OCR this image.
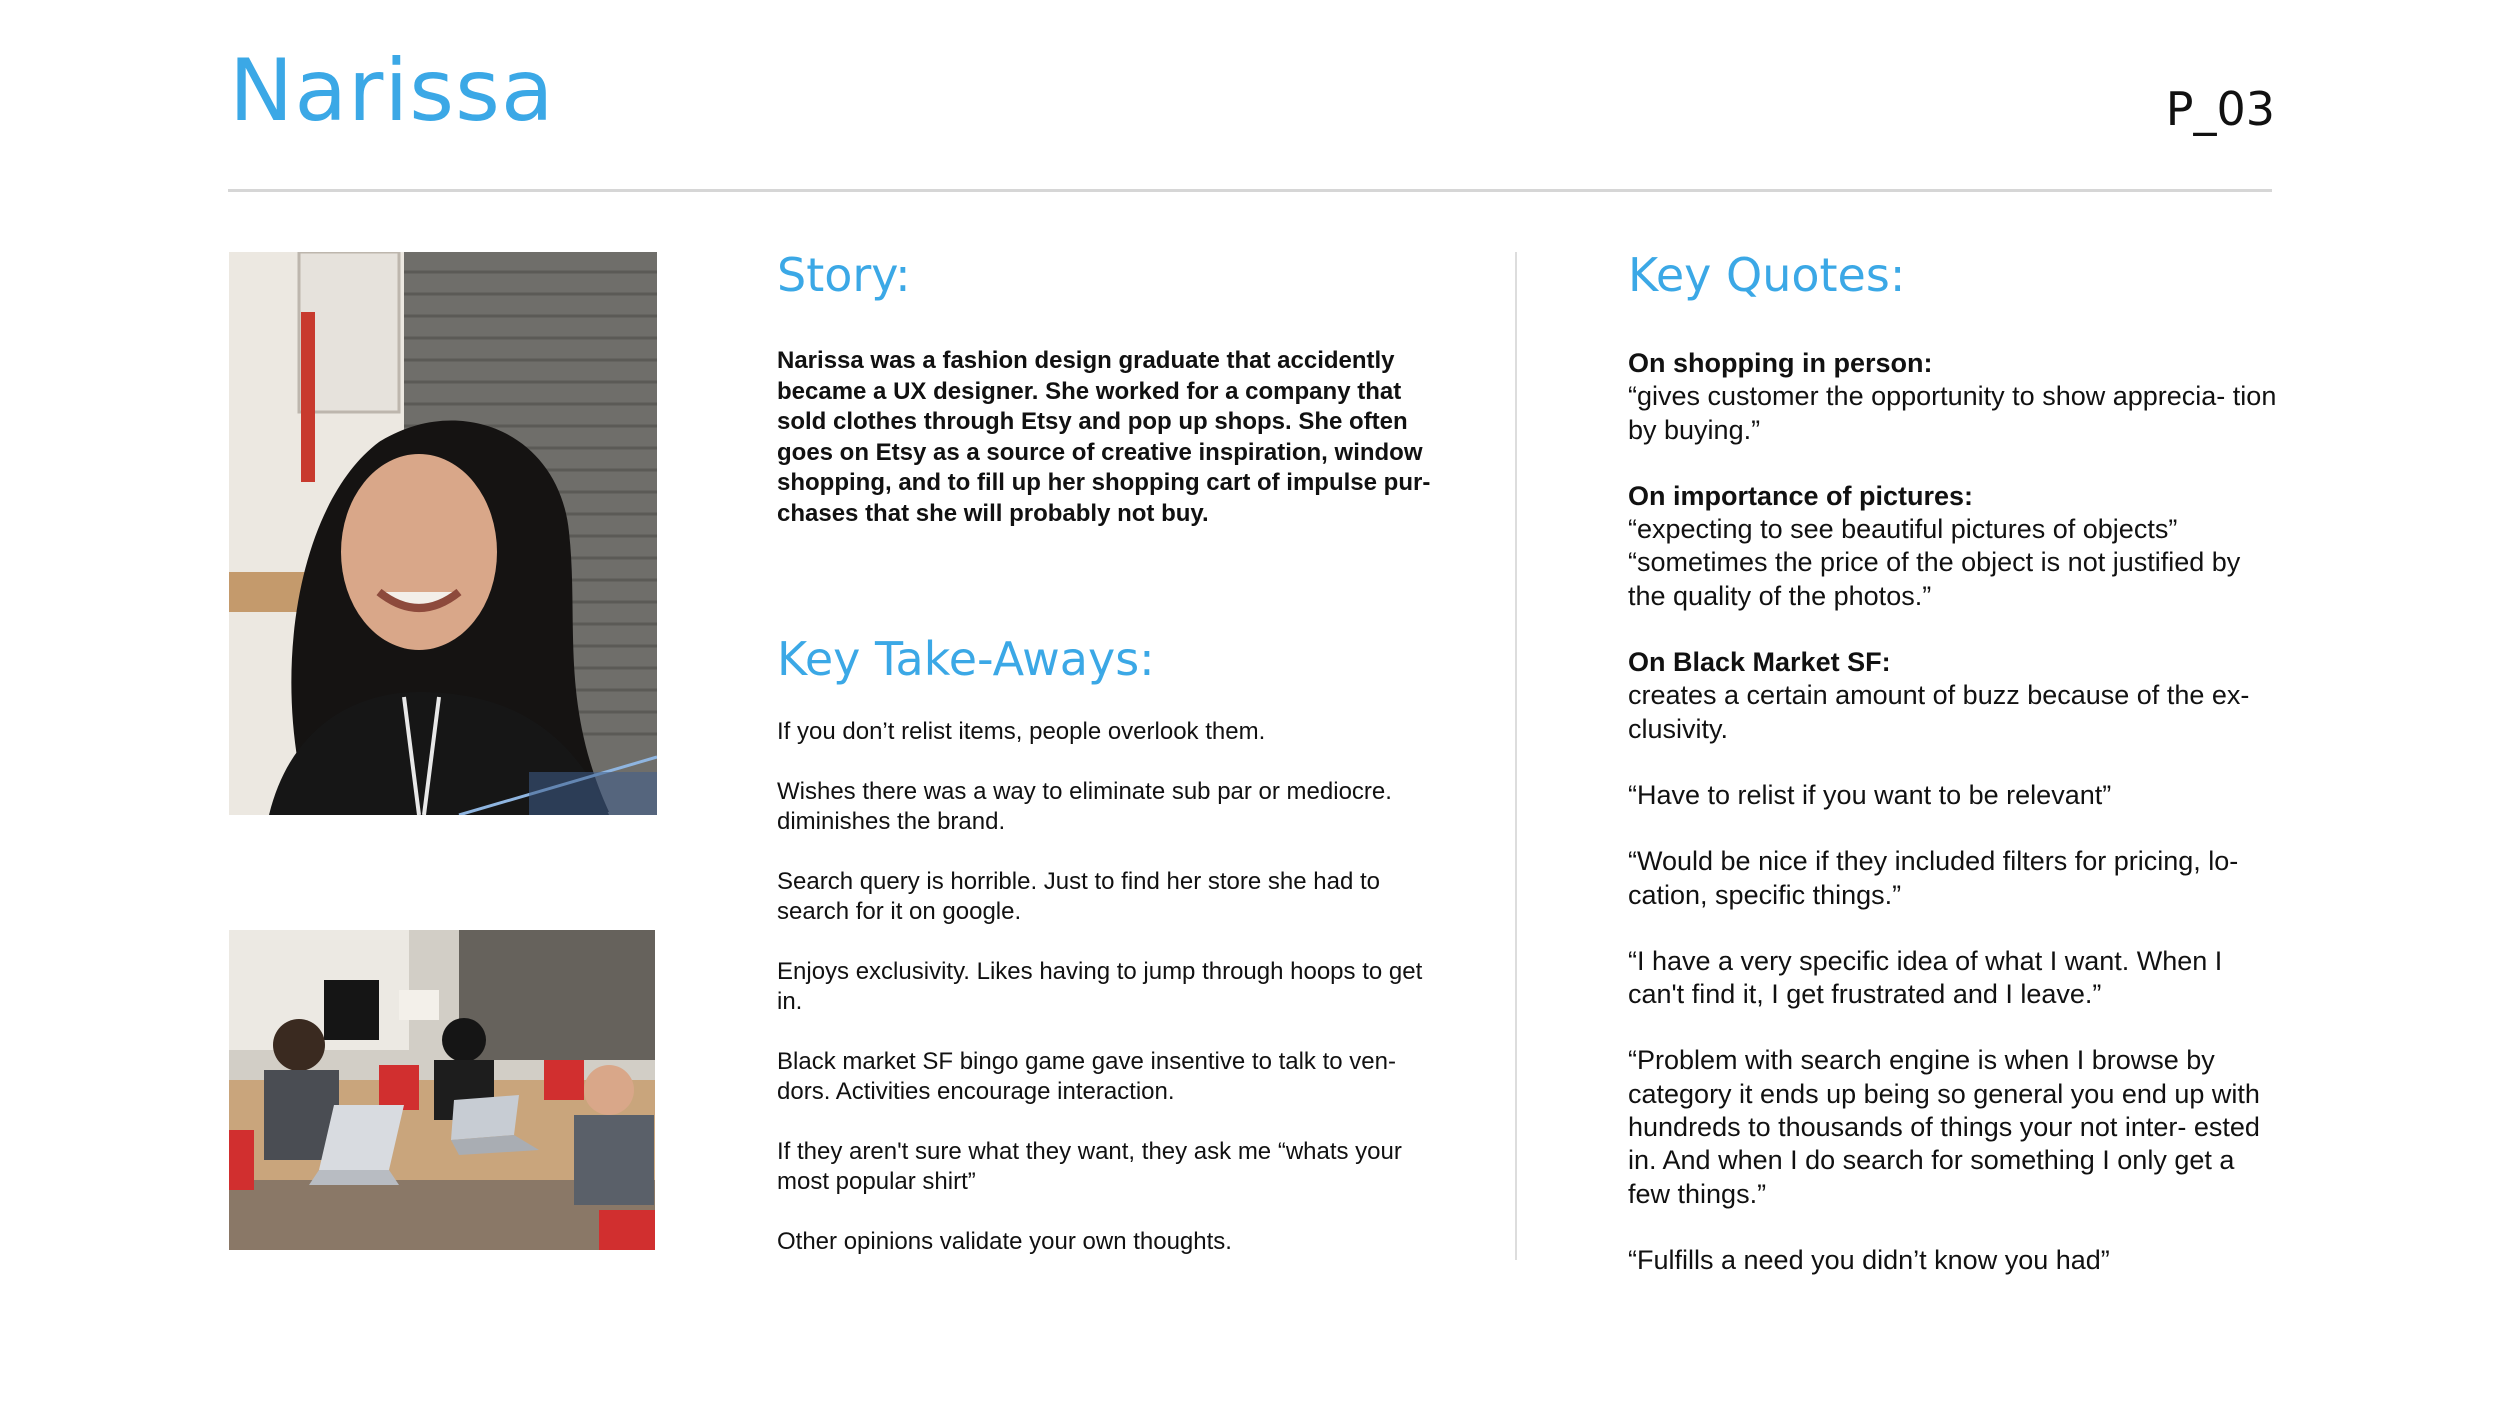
Narissa	P_03
Story:
Narissa was a fashion design graduate that accidently became a UX designer. She worked for a company that sold clothes through Etsy and pop up shops. She often goes on Etsy as a source of creative inspiration, window shopping, and to fill up her shopping cart of impulse pur- chases that she will probably not buy.
Key Take-Aways:

If you don’t relist items, people overlook them.

Wishes there was a way to eliminate sub par or mediocre. diminishes the brand.

Search query is horrible. Just to find her store she had to search for it on google.

Enjoys exclusivity. Likes having to jump through hoops to get in.

Black market SF bingo game gave insentive to talk to ven- dors. Activities encourage interaction.

If they aren't sure what they want, they ask me “whats your most popular shirt”

Other opinions validate your own thoughts.

Key Quotes:

On shopping in person:
“gives customer the opportunity to show apprecia- tion by buying.”

On importance of pictures:
“expecting to see beautiful pictures of objects”
“sometimes the price of the object is not justified by the quality of the photos.”

On Black Market SF:
creates a certain amount of buzz because of the ex- clusivity.

“Have to relist if you want to be relevant”

“Would be nice if they included filters for pricing, lo- cation, specific things.”

“I have a very specific idea of what I want. When I can't find it, I get frustrated and I leave.”

“Problem with search engine is when I browse by category it ends up being so general you end up with hundreds to thousands of things your not inter- ested in. And when I do search for something I only get a few things.”

“Fulfills a need you didn’t know you had”
